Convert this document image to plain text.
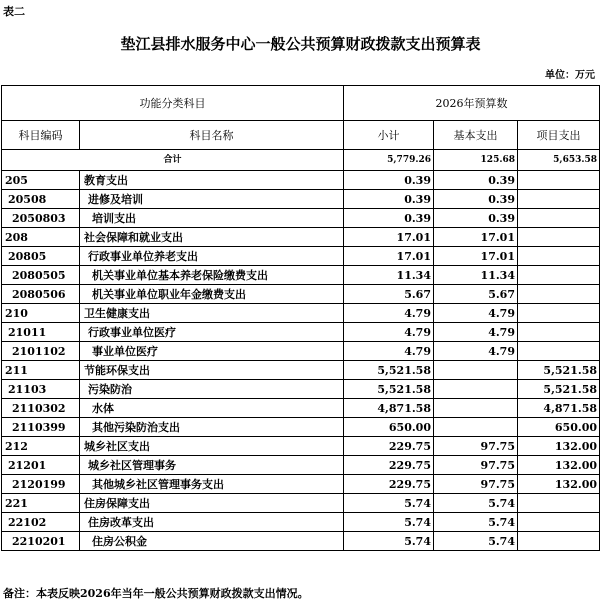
表二
垫江县排水服务中心一般公共预算财政拨款支出预算表
单位：万元
功能分类科目		2026年预算数		
科目编码	科目名称	小计	基本支出	项目支出
合计		5,779.26	125.68	5,653.58
205	教育支出	0.39	0.39	
20508	进修及培训	0.39	0.39	
2050803	培训支出	0.39	0.39	
208	社会保障和就业支出	17.01	17.01	
20805	行政事业单位养老支出	17.01	17.01	
2080505	机关事业单位基本养老保险缴费支出	11.34	11.34	
2080506	机关事业单位职业年金缴费支出	5.67	5.67	
210	卫生健康支出	4.79	4.79	
21011	行政事业单位医疗	4.79	4.79	
2101102	事业单位医疗	4.79	4.79	
211	节能环保支出	5,521.58		5,521.58
21103	污染防治	5,521.58		5,521.58
2110302	水体	4,871.58		4,871.58
2110399	其他污染防治支出	650.00		650.00
212	城乡社区支出	229.75	97.75	132.00
21201	城乡社区管理事务	229.75	97.75	132.00
2120199	其他城乡社区管理事务支出	229.75	97.75	132.00
221	住房保障支出	5.74	5.74	
22102	住房改革支出	5.74	5.74	
2210201	住房公积金	5.74	5.74	
备注：本表反映2026年当年一般公共预算财政拨款支出情况。
